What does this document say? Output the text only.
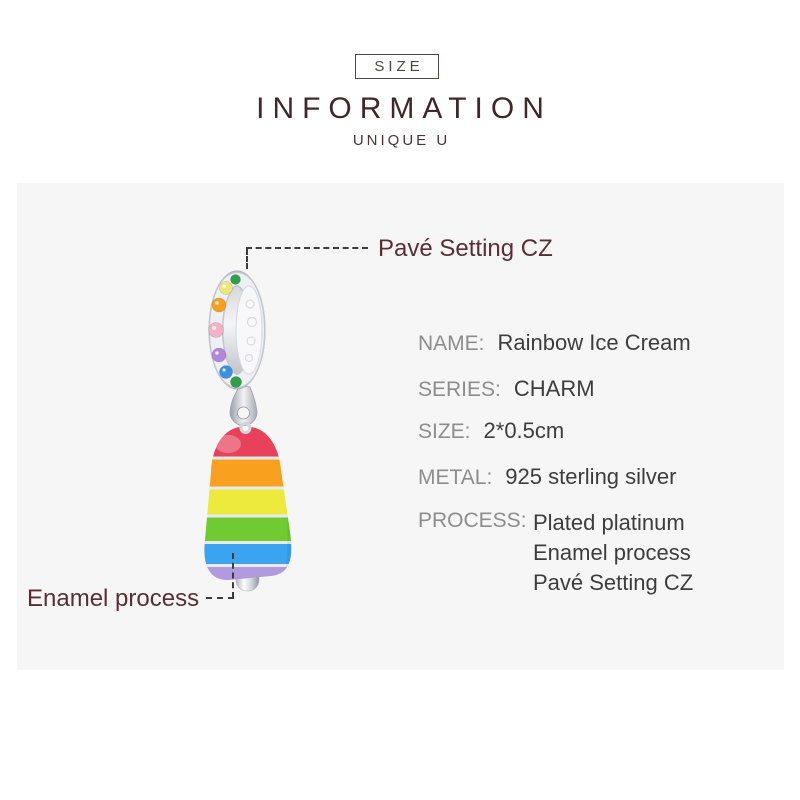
SIZE
INFORMATION
UNIQUE U
Pavé Setting CZ
Enamel process
NAME: Rainbow Ice Cream
SERIES: CHARM
SIZE: 2*0.5cm
METAL: 925 sterling silver
PROCESS: Plated platinum
Enamel process
Pavé Setting CZ
